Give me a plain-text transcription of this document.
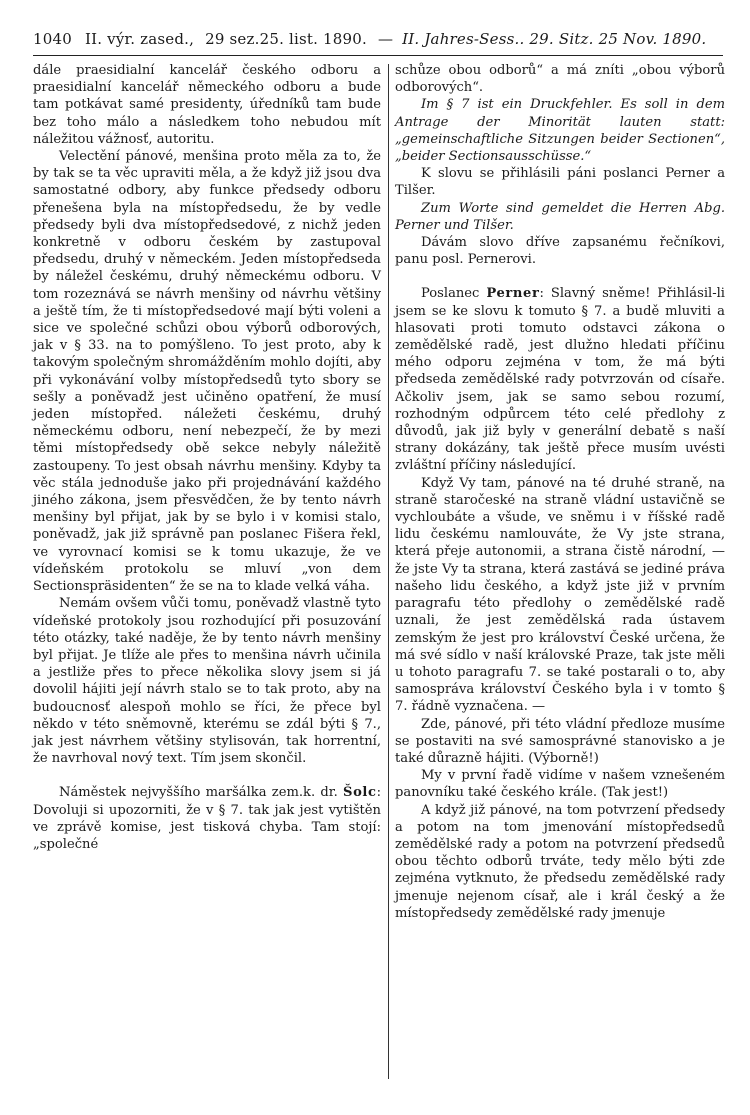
1040 II. výr. zased., 29 sez.25. list. 1890. — II. Jahres-Sess.. 29. Sitz. 25 Nov. 1890.

dále praesidialní kancelář českého odboru a praesidialní kancelář německého odboru a bude tam potkávat samé presidenty, úředníků tam bude bez toho málo a následkem toho nebudou mít náležitou vážnosť, autoritu.

Velectění pánové, menšina proto měla za to, že by tak se ta věc upraviti měla, a že když již jsou dva samostatné odbory, aby funkce předsedy odboru přenešena byla na místopředsedu, že by vedle předsedy byli dva místopředsedové, z nichž jeden konkretně v odboru českém by zastupoval předsedu, druhý v německém. Jeden místopředseda by náležel českému, druhý německému odboru. V tom rozeznává se návrh menšiny od návrhu většiny a ještě tím, že ti místopředsedové mají býti voleni a sice ve společné schůzi obou výborů odborových, jak v § 33. na to pomýšleno. To jest proto, aby k takovým společným shromážděním mohlo dojíti, aby při vykonávání volby místopředsedů tyto sbory se sešly a poněvadž jest učiněno opatření, že musí jeden místopřed. náležeti českému, druhý německému odboru, není nebezpečí, že by mezi těmi místopředsedy obě sekce nebyly náležitě zastoupeny. To jest obsah návrhu menšiny. Kdyby ta věc stála jednoduše jako při projednávání každého jiného zákona, jsem přesvědčen, že by tento návrh menšiny byl přijat, jak by se bylo i v komisi stalo, poněvadž, jak již správně pan poslanec Fišera řekl, ve vyrovnací komisi se k tomu ukazuje, že ve vídeňském protokolu se mluví „von dem Sectionspräsidenten“ že se na to klade velká váha.

Nemám ovšem vůči tomu, poněvadž vlastně tyto vídeňské protokoly jsou rozhodující při posuzování této otázky, také naděje, že by tento návrh menšiny byl přijat. Je tlíže ale přes to menšina návrh učinila a jestliže přes to přece několika slovy jsem si já dovolil hájiti její návrh stalo se to tak proto, aby na budoucnosť alespoň mohlo se říci, že přece byl někdo v této sněmovně, kterému se zdál býti § 7., jak jest návrhem většiny stylisován, tak horrentní, že navrhoval nový text. Tím jsem skončil.

Náměstek nejvyššího maršálka zem.k. dr. Šolc: Dovoluji si upozorniti, že v § 7. tak jak jest vytištěn ve zprávě komise, jest tisková chyba. Tam stojí: „společné

schůze obou odborů“ a má zníti „obou výborů odborových“.

Im § 7 ist ein Druckfehler. Es soll in dem Antrage der Minorität lauten statt: „gemeinschaftliche Sitzungen beider Sectionen“, „beider Sectionsausschüsse.“

K slovu se přihlásili páni poslanci Perner a Tilšer.

Zum Worte sind gemeldet die Herren Abg. Perner und Tilšer.

Dávám slovo dříve zapsanému řečníkovi, panu posl. Pernerovi.

Poslanec Perner: Slavný sněme! Přihlásil-li jsem se ke slovu k tomuto § 7. a budě mluviti a hlasovati proti tomuto odstavci zákona o zemědělské radě, jest dlužno hledati příčinu mého odporu zejména v tom, že má býti předseda zemědělské rady potvrzován od císaře. Ačkoliv jsem, jak se samo sebou rozumí, rozhodným odpůrcem této celé předlohy z důvodů, jak již byly v generální debatě s naší strany dokázány, tak ještě přece musím uvésti zvláštní příčiny následující.

Když Vy tam, pánové na té druhé straně, na straně staročeské na straně vládní ustavičně se vychloubáte a všude, ve sněmu i v říšské radě lidu českému namlouváte, že Vy jste strana, která přeje autonomii, a strana čistě národní, — že jste Vy ta strana, která zastává se jediné práva našeho lidu českého, a když jste již v prvním paragrafu této předlohy o zemědělské radě uznali, že jest zemědělská rada ústavem zemským že jest pro království České určena, že má své sídlo v naší královské Praze, tak jste měli u tohoto paragrafu 7. se také postarali o to, aby samospráva království Českého byla i v tomto § 7. řádně vyznačena. —

Zde, pánové, při této vládní předloze musíme se postaviti na své samosprávné stanovisko a je také důrazně hájiti. (Výborně!)

My v první řadě vidíme v našem vznešeném panovníku také českého krále. (Tak jest!)

A když již pánové, na tom potvrzení předsedy a potom na tom jmenování místopředsedů zemědělské rady a potom na potvrzení předsedů obou těchto odborů trváte, tedy mělo býti zde zejména vytknuto, že předsedu zemědělské rady jmenuje nejenom císař, ale i král český a že místopředsedy zemědělské rady jmenuje
